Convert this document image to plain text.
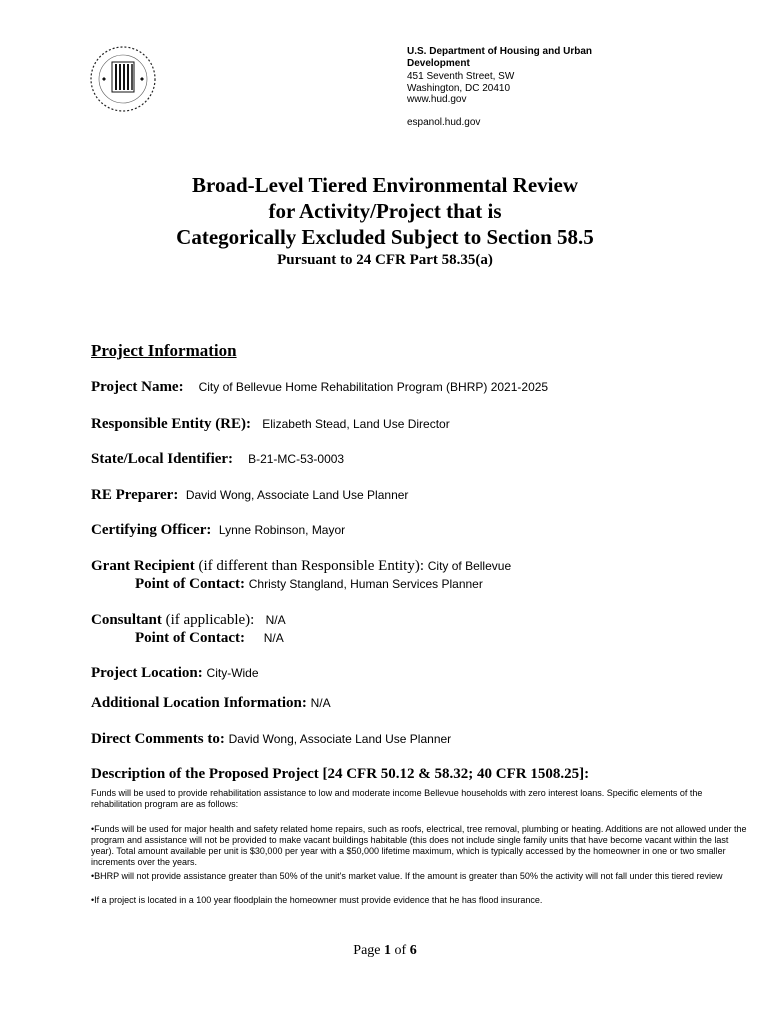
U.S. Department of Housing and Urban
Development
451 Seventh Street, SW
Washington, DC 20410
www.hud.gov
espanol.hud.gov
Broad-Level Tiered Environmental Review
for Activity/Project that is
Categorically Excluded Subject to Section 58.5
Pursuant to 24 CFR Part 58.35(a)
Project Information
Project Name: City of Bellevue Home Rehabilitation Program (BHRP) 2021-2025
Responsible Entity (RE): Elizabeth Stead, Land Use Director
State/Local Identifier: B-21-MC-53-0003
RE Preparer: David Wong, Associate Land Use Planner
Certifying Officer: Lynne Robinson, Mayor
Grant Recipient (if different than Responsible Entity): City of Bellevue
Point of Contact: Christy Stangland, Human Services Planner
Consultant (if applicable): N/A
Point of Contact: N/A
Project Location: City-Wide
Additional Location Information: N/A
Direct Comments to: David Wong, Associate Land Use Planner
Description of the Proposed Project [24 CFR 50.12 & 58.32; 40 CFR 1508.25]:
Funds will be used to provide rehabilitation assistance to low and moderate income Bellevue households with zero interest loans. Specific elements of the rehabilitation program are as follows:
•Funds will be used for major health and safety related home repairs, such as roofs, electrical, tree removal, plumbing or heating. Additions are not allowed under the program and assistance will not be provided to make vacant buildings habitable (this does not include single family units that have become vacant within the last year). Total amount available per unit is $30,000 per year with a $50,000 lifetime maximum, which is typically accessed by the homeowner in one or two smaller increments over the years.
•BHRP will not provide assistance greater than 50% of the unit's market value. If the amount is greater than 50% the activity will not fall under this tiered review
•If a project is located in a 100 year floodplain the homeowner must provide evidence that he has flood insurance.
Page 1 of 6
